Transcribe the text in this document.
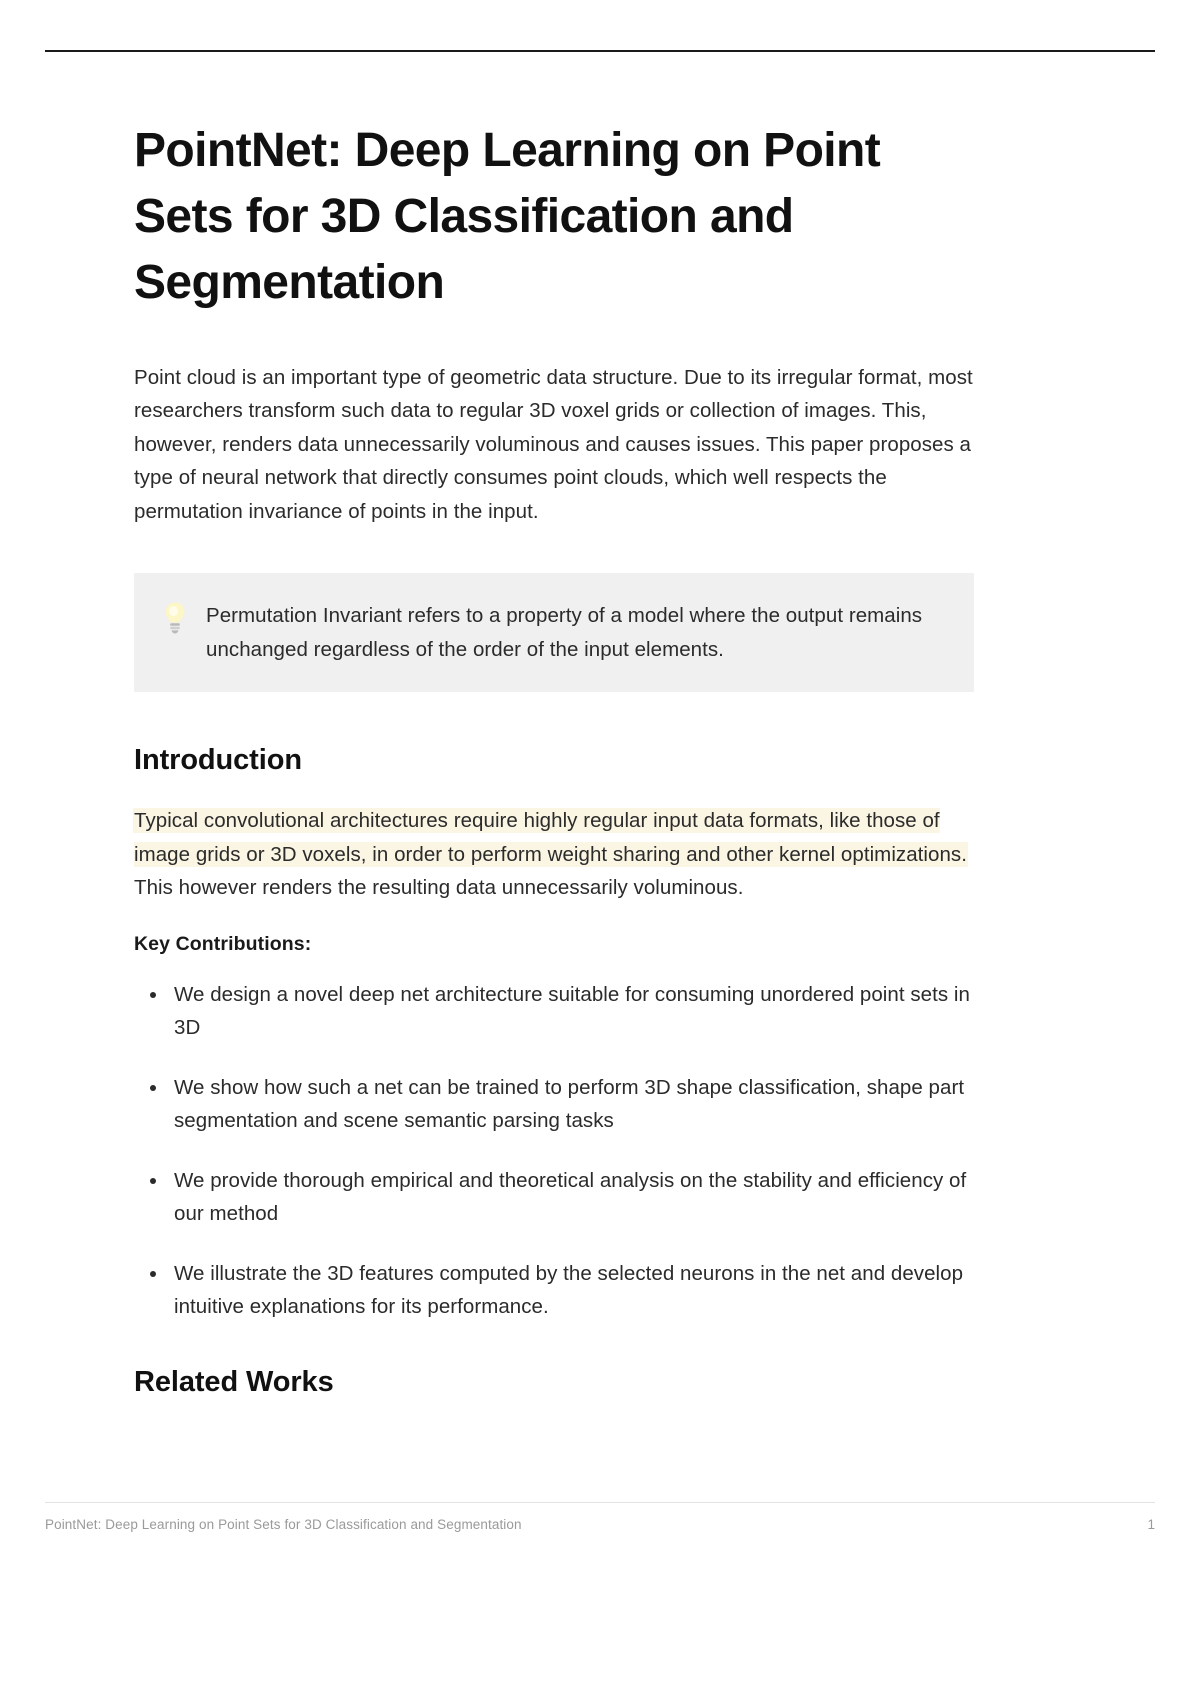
PointNet: Deep Learning on Point Sets for 3D Classification and Segmentation

Point cloud is an important type of geometric data structure. Due to its irregular format, most researchers transform such data to regular 3D voxel grids or collection of images. This, however, renders data unnecessarily voluminous and causes issues. This paper proposes a type of neural network that directly consumes point clouds, which well respects the permutation invariance of points in the input.

Permutation Invariant refers to a property of a model where the output remains unchanged regardless of the order of the input elements.
Introduction

Typical convolutional architectures require highly regular input data formats, like those of image grids or 3D voxels, in order to perform weight sharing and other kernel optimizations. This however renders the resulting data unnecessarily voluminous.

Key Contributions:

We design a novel deep net architecture suitable for consuming unordered point sets in 3D
We show how such a net can be trained to perform 3D shape classification, shape part segmentation and scene semantic parsing tasks
We provide thorough empirical and theoretical analysis on the stability and efficiency of our method
We illustrate the 3D features computed by the selected neurons in the net and develop intuitive explanations for its performance.
Related Works
PointNet: Deep Learning on Point Sets for 3D Classification and Segmentation	1
